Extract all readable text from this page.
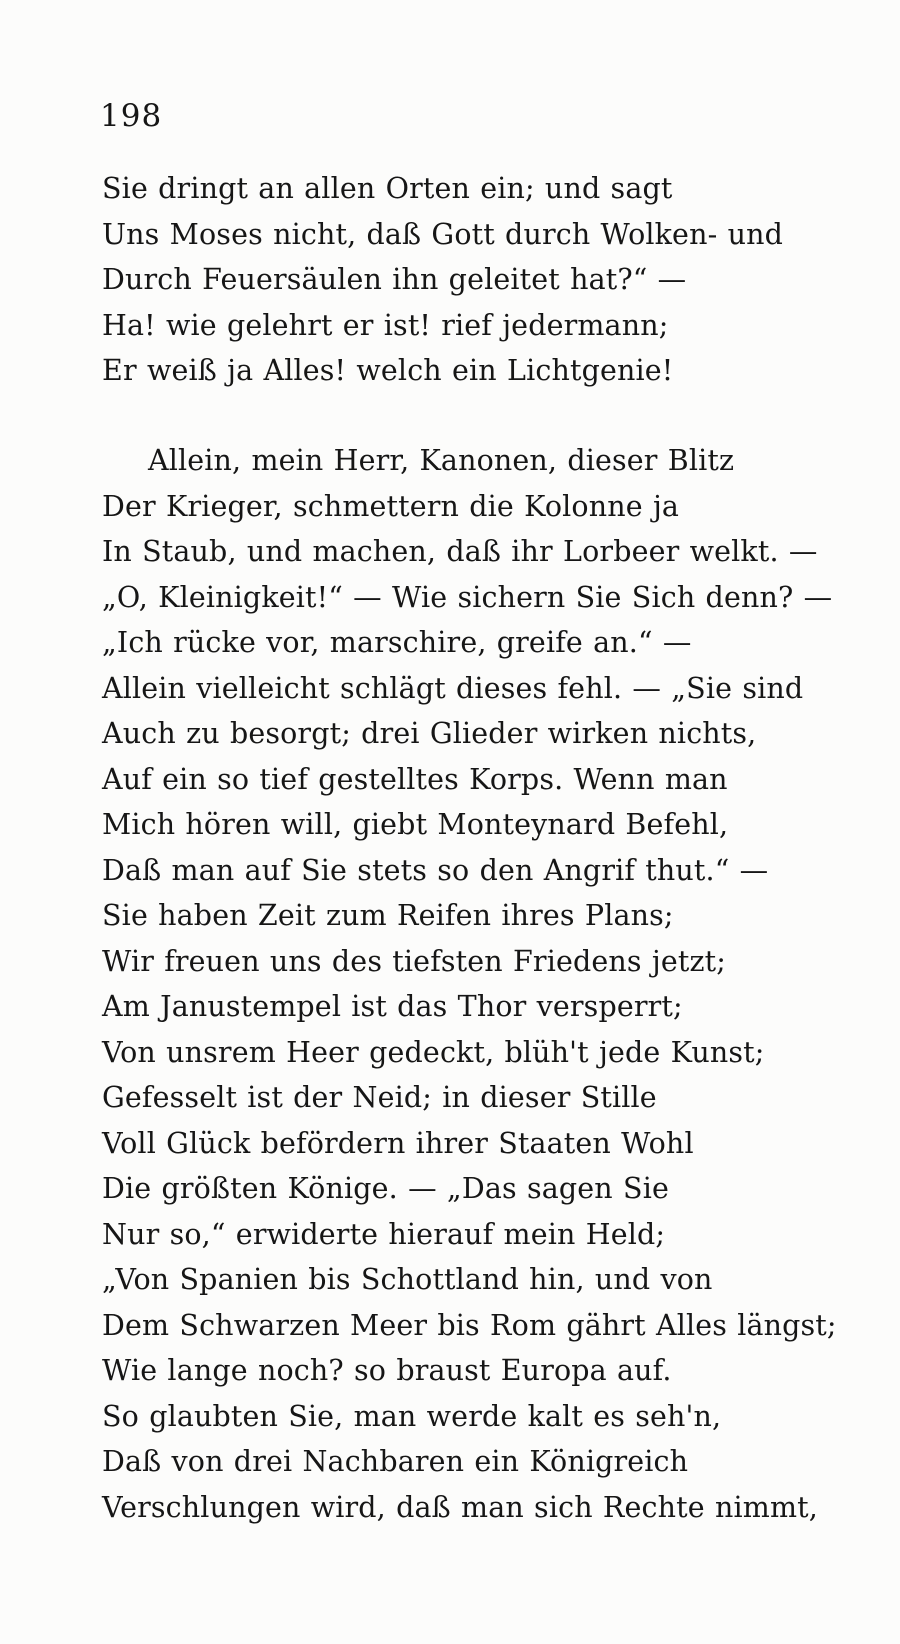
198
Sie dringt an allen Orten ein; und sagt
Uns Moses nicht, daß Gott durch Wolken- und
Durch Feuersäulen ihn geleitet hat?“ —
Ha! wie gelehrt er ist! rief jedermann;
Er weiß ja Alles! welch ein Lichtgenie!
Allein, mein Herr, Kanonen, dieser Blitz
Der Krieger, schmettern die Kolonne ja
In Staub, und machen, daß ihr Lorbeer welkt. —
„O, Kleinigkeit!“ — Wie sichern Sie Sich denn? —
„Ich rücke vor, marschire, greife an.“ —
Allein vielleicht schlägt dieses fehl. — „Sie sind
Auch zu besorgt; drei Glieder wirken nichts,
Auf ein so tief gestelltes Korps. Wenn man
Mich hören will, giebt Monteynard Befehl,
Daß man auf Sie stets so den Angrif thut.“ —
Sie haben Zeit zum Reifen ihres Plans;
Wir freuen uns des tiefsten Friedens jetzt;
Am Janustempel ist das Thor versperrt;
Von unsrem Heer gedeckt, blüh't jede Kunst;
Gefesselt ist der Neid; in dieser Stille
Voll Glück befördern ihrer Staaten Wohl
Die größten Könige. — „Das sagen Sie
Nur so,“ erwiderte hierauf mein Held;
„Von Spanien bis Schottland hin, und von
Dem Schwarzen Meer bis Rom gährt Alles längst;
Wie lange noch? so braust Europa auf.
So glaubten Sie, man werde kalt es seh'n,
Daß von drei Nachbaren ein Königreich
Verschlungen wird, daß man sich Rechte nimmt,
